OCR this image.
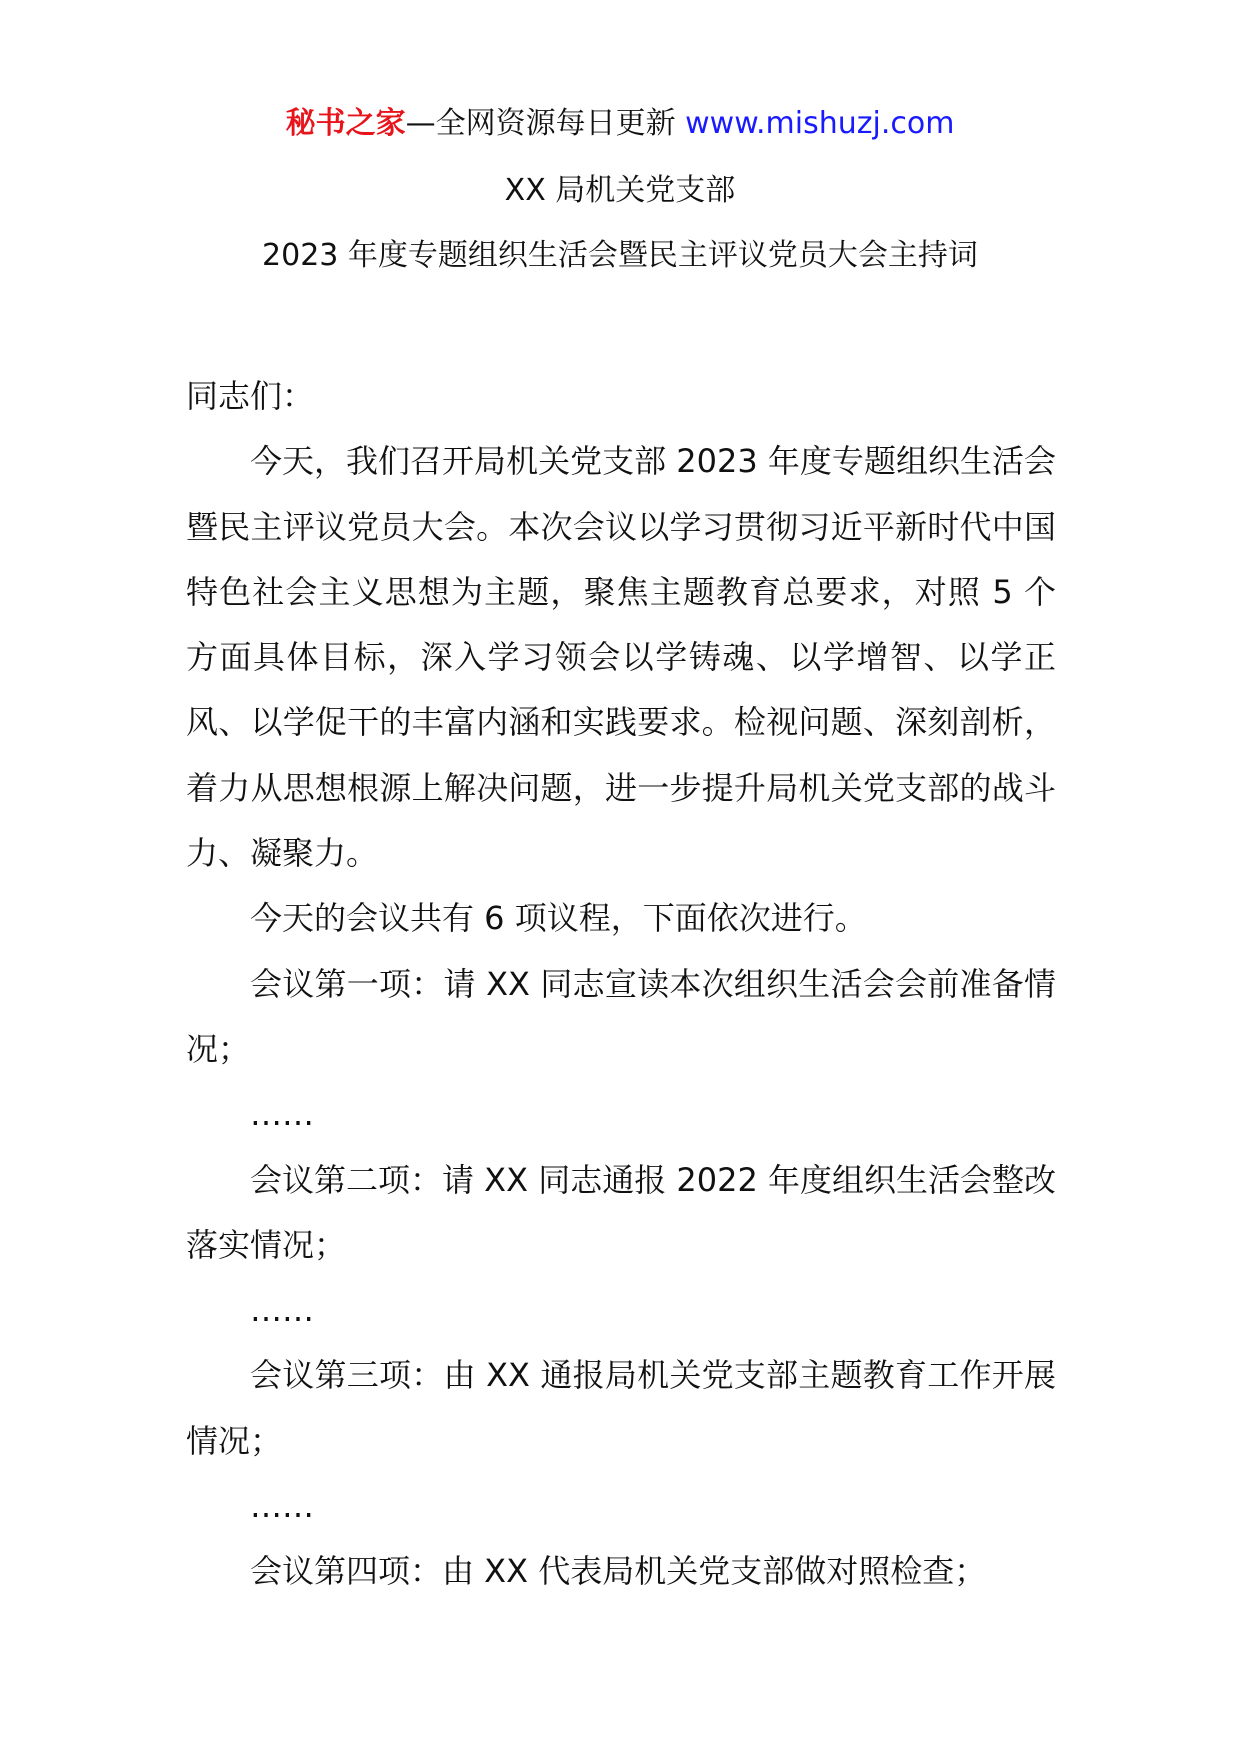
秘书之家—全网资源每日更新 www.mishuzj.com
XX 局机关党支部
2023 年度专题组织生活会暨民主评议党员大会主持词

同志们：

今天，我们召开局机关党支部 2023 年度专题组织生活会暨民主评议党员大会。本次会议以学习贯彻习近平新时代中国特色社会主义思想为主题，聚焦主题教育总要求，对照 5 个方面具体目标，深入学习领会以学铸魂、以学增智、以学正风、以学促干的丰富内涵和实践要求。检视问题、深刻剖析，着力从思想根源上解决问题，进一步提升局机关党支部的战斗力、凝聚力。

今天的会议共有 6 项议程，下面依次进行。

会议第一项：请 XX 同志宣读本次组织生活会会前准备情况；

……

会议第二项：请 XX 同志通报 2022 年度组织生活会整改落实情况；

……

会议第三项：由 XX 通报局机关党支部主题教育工作开展情况；

……

会议第四项：由 XX 代表局机关党支部做对照检查；
